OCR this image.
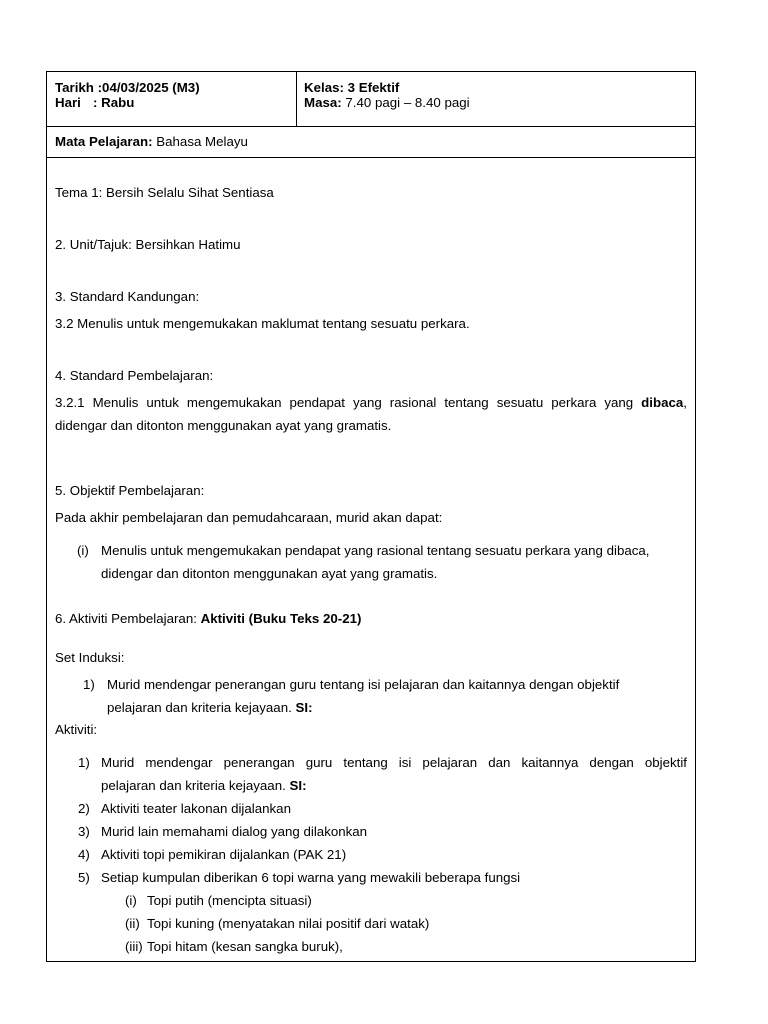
Tarikh :04/03/2025 (M3)
Hari : Rabu
Kelas: 3 Efektif
Masa: 7.40 pagi – 8.40 pagi
Mata Pelajaran: Bahasa Melayu
Tema 1: Bersih Selalu Sihat Sentiasa
2. Unit/Tajuk: Bersihkan Hatimu
3. Standard Kandungan:
3.2 Menulis untuk mengemukakan maklumat tentang sesuatu perkara.
4. Standard Pembelajaran:
3.2.1 Menulis untuk mengemukakan pendapat yang rasional tentang sesuatu perkara yang dibaca,
didengar dan ditonton menggunakan ayat yang gramatis.
5. Objektif Pembelajaran:
Pada akhir pembelajaran dan pemudahcaraan, murid akan dapat:
(i) Menulis untuk mengemukakan pendapat yang rasional tentang sesuatu perkara yang dibaca,
didengar dan ditonton menggunakan ayat yang gramatis.
6. Aktiviti Pembelajaran: Aktiviti (Buku Teks 20-21)
Set Induksi:
1) Murid mendengar penerangan guru tentang isi pelajaran dan kaitannya dengan objektif
pelajaran dan kriteria kejayaan. SI:
Aktiviti:
1) Murid mendengar penerangan guru tentang isi pelajaran dan kaitannya dengan objektif
pelajaran dan kriteria kejayaan. SI:
2) Aktiviti teater lakonan dijalankan
3) Murid lain memahami dialog yang dilakonkan
4) Aktiviti topi pemikiran dijalankan (PAK 21)
5) Setiap kumpulan diberikan 6 topi warna yang mewakili beberapa fungsi
(i) Topi putih (mencipta situasi)
(ii) Topi kuning (menyatakan nilai positif dari watak)
(iii) Topi hitam (kesan sangka buruk),
